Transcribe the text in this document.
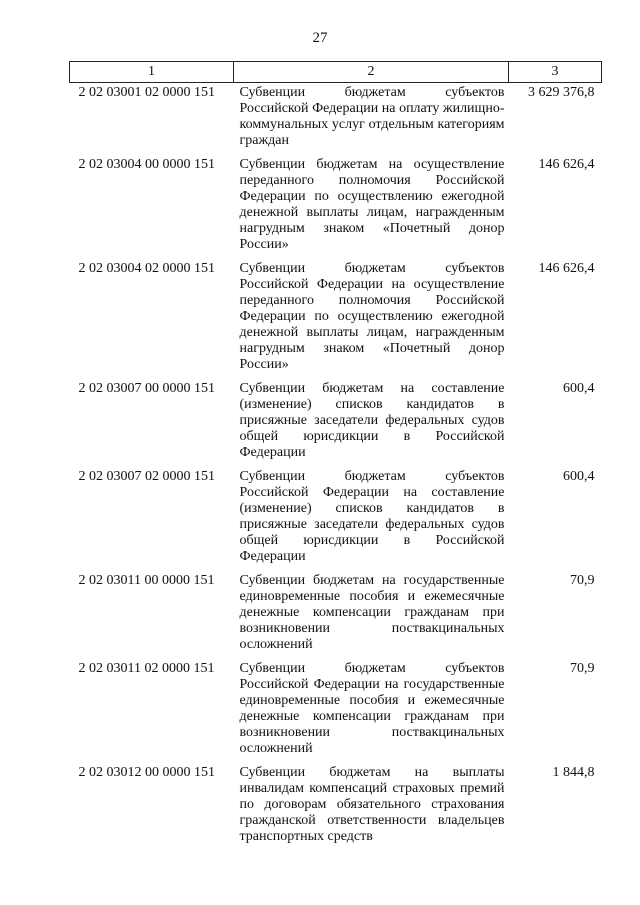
27
1	2	3
2 02 03001 02 0000 151	Субвенции бюджетам субъектов Российской Федерации на оплату жилищно-коммунальных услуг отдельным категориям граждан	3 629 376,8
2 02 03004 00 0000 151	Субвенции бюджетам на осуществление переданного полномочия Российской Федерации по осуществлению ежегодной денежной выплаты лицам, награжденным нагрудным знаком «Почетный донор России»	146 626,4
2 02 03004 02 0000 151	Субвенции бюджетам субъектов Российской Федерации на осуществление переданного полномочия Российской Федерации по осуществлению ежегодной денежной выплаты лицам, награжденным нагрудным знаком «Почетный донор России»	146 626,4
2 02 03007 00 0000 151	Субвенции бюджетам на составление (изменение) списков кандидатов в присяжные заседатели федеральных судов общей юрисдикции в Российской Федерации	600,4
2 02 03007 02 0000 151	Субвенции бюджетам субъектов Российской Федерации на составление (изменение) списков кандидатов в присяжные заседатели федеральных судов общей юрисдикции в Российской Федерации	600,4
2 02 03011 00 0000 151	Субвенции бюджетам на государственные единовременные пособия и ежемесячные денежные компенсации гражданам при возникновении поствакцинальных осложнений	70,9
2 02 03011 02 0000 151	Субвенции бюджетам субъектов Российской Федерации на государственные единовременные пособия и ежемесячные денежные компенсации гражданам при возникновении поствакцинальных осложнений	70,9
2 02 03012 00 0000 151	Субвенции бюджетам на выплаты инвалидам компенсаций страховых премий по договорам обязательного страхования гражданской ответственности владельцев транспортных средств	1 844,8
